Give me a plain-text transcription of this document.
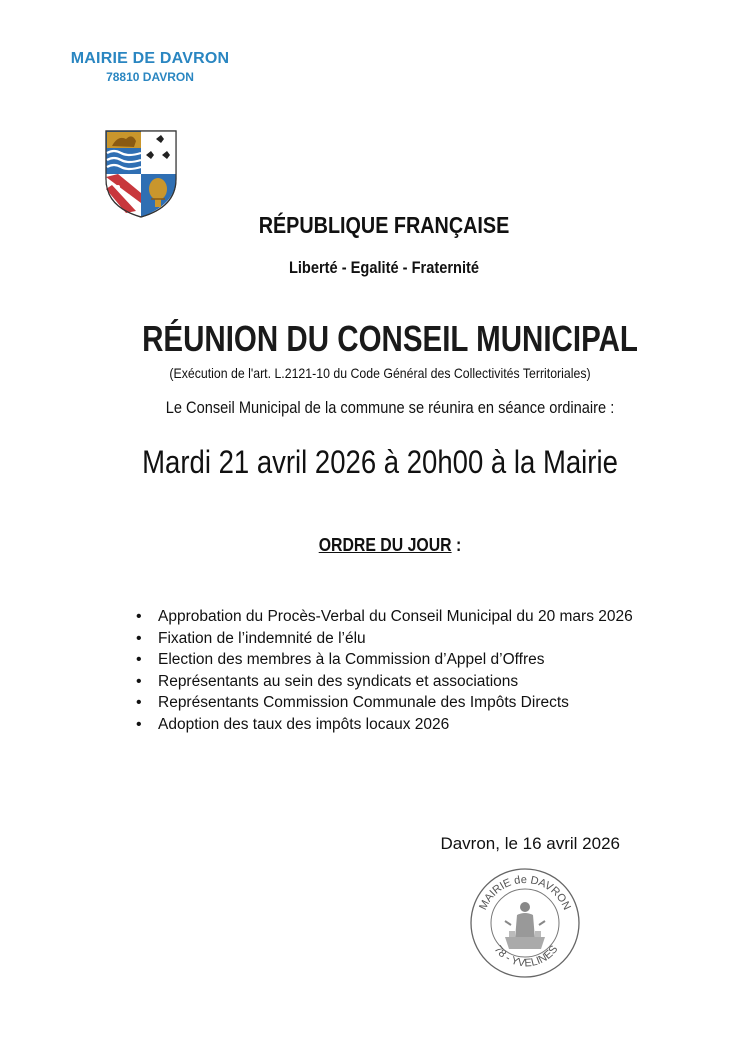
MAIRIE DE DAVRON
78810 DAVRON
RÉPUBLIQUE FRANÇAISE
Liberté - Egalité - Fraternité
RÉUNION DU CONSEIL MUNICIPAL
(Exécution de l'art. L.2121-10 du Code Général des Collectivités Territoriales)
Le Conseil Municipal de la commune se réunira en séance ordinaire :
Mardi 21 avril 2026 à 20h00 à la Mairie
ORDRE DU JOUR :
• Approbation du Procès-Verbal du Conseil Municipal du 20 mars 2026
• Fixation de l’indemnité de l’élu
• Election des membres à la Commission d’Appel d’Offres
• Représentants au sein des syndicats et associations
• Représentants Commission Communale des Impôts Directs
• Adoption des taux des impôts locaux 2026
Davron, le 16 avril 2026
MAIRIE de DAVRON
78 - YVELINES
